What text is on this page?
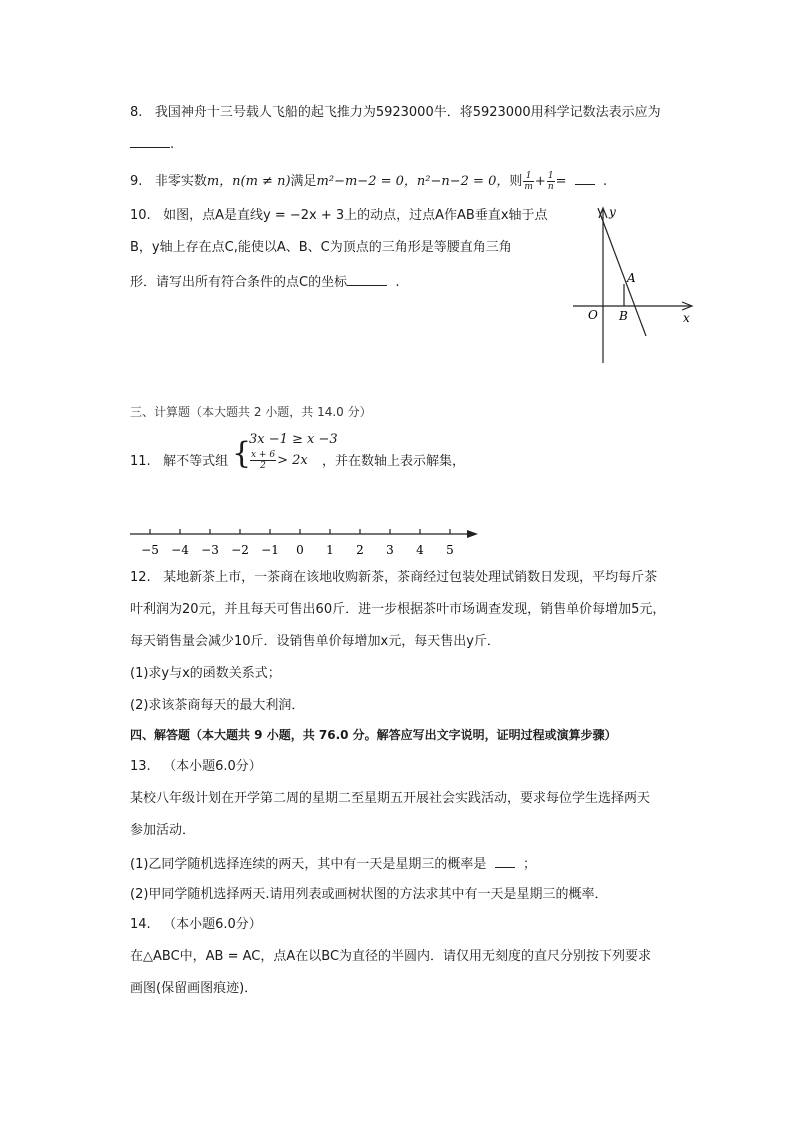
8. 我国神舟十三号载人飞船的起飞推力为5923000牛．将5923000用科学记数法表示应为
.
9. 非零实数m，n(m ≠ n)满足m²−m−2 = 0，n²−n−2 = 0，则 $\frac{1}{m} + \frac{1}{n}$ =	.
10. 如图，点A是直线y = −2x + 3上的动点，过点A作AB垂直x轴于点
B，y轴上存在点C,能使以A、B、C为顶点的三角形是等腰直角三角
形．请写出所有符合条件的点C的坐标	.
y
x
O
A
B
三、计算题（本大题共 2 小题，共 14.0 分）
11. 解不等式组 {
3x −1 ≥ x −3
$\frac{x + 6}{2} > 2x$ ，并在数轴上表示解集，
−5 −4 −3 −2 −1 0 1 2 3 4 5
12. 某地新茶上市，一茶商在该地收购新茶，茶商经过包装处理试销数日发现，平均每斤茶
叶利润为20元，并且每天可售出60斤．进一步根据茶叶市场调查发现，销售单价每增加5元，
每天销售量会减少10斤．设销售单价每增加x元，每天售出y斤．
(1)求y与x的函数关系式；
(2)求该茶商每天的最大利润．
四、解答题（本大题共 9 小题，共 76.0 分。解答应写出文字说明，证明过程或演算步骤）
13. （本小题6.0分）
某校八年级计划在开学第二周的星期二至星期五开展社会实践活动，要求每位学生选择两天
参加活动．
(1)乙同学随机选择连续的两天，其中有一天是星期三的概率是	；
(2)甲同学随机选择两天.请用列表或画树状图的方法求其中有一天是星期三的概率．
14. （本小题6.0分）
在△ABC中，AB = AC，点A在以BC为直径的半圆内．请仅用无刻度的直尺分别按下列要求
画图(保留画图痕迹)．
